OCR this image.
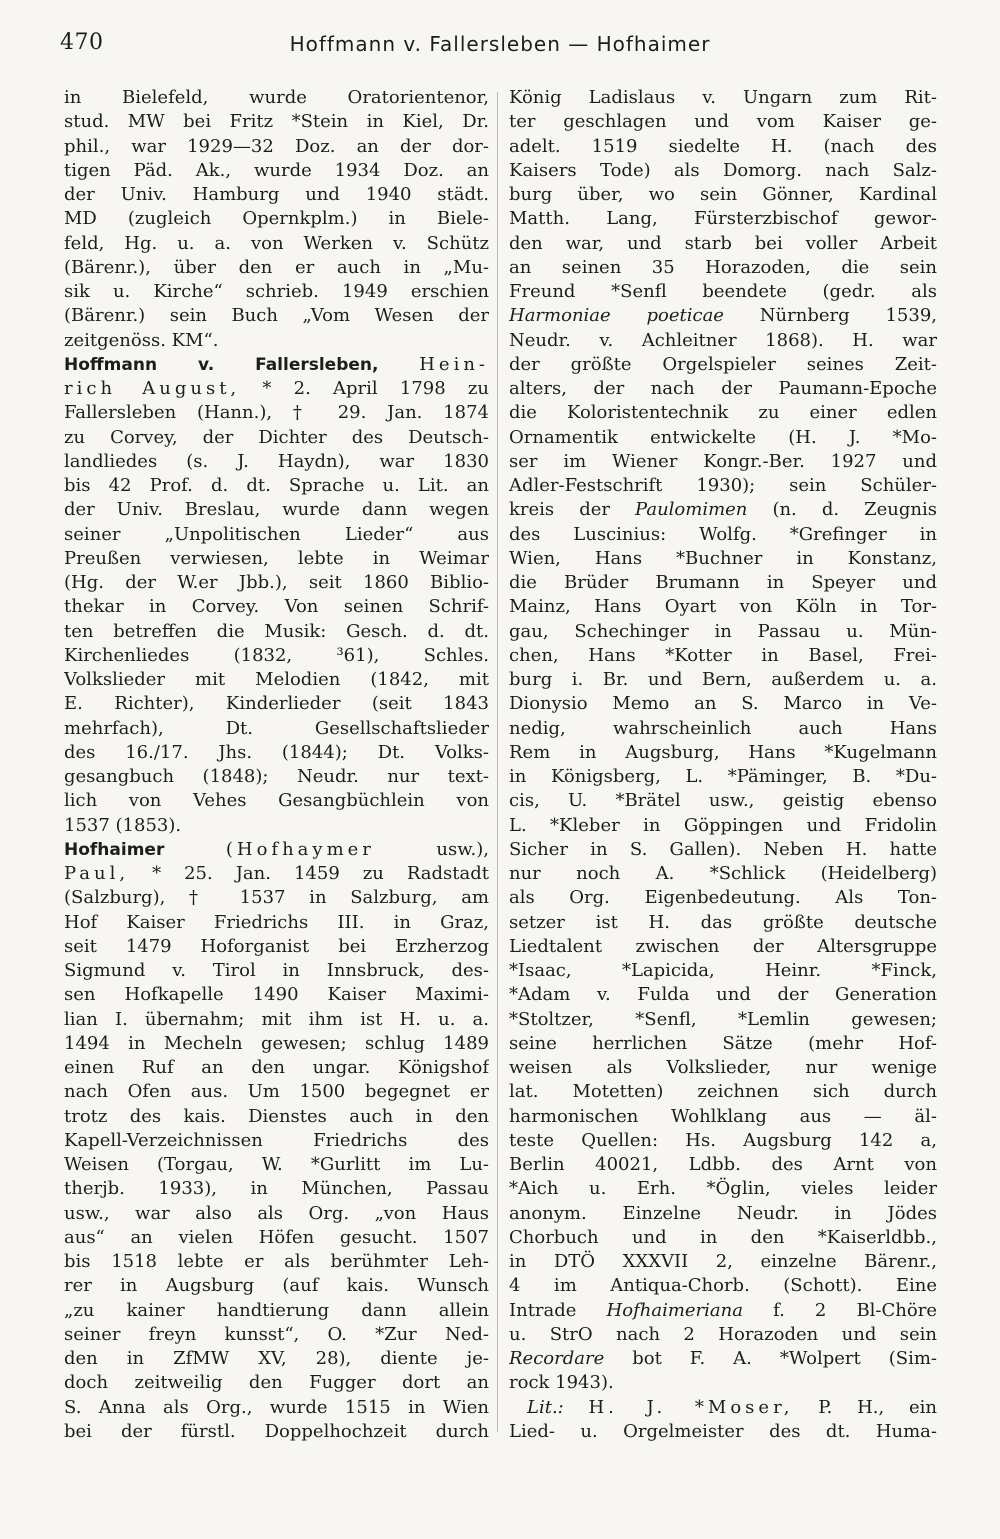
470	Hoffmann v. Fallersleben — Hofhaimer
in Bielefeld, wurde Oratorientenor,
stud. MW bei Fritz *Stein in Kiel, Dr.
phil., war 1929—32 Doz. an der dor-
tigen Päd. Ak., wurde 1934 Doz. an
der Univ. Hamburg und 1940 städt.
MD (zugleich Opernkplm.) in Biele-
feld, Hg. u. a. von Werken v. Schütz
(Bärenr.), über den er auch in „Mu-
sik u. Kirche“ schrieb. 1949 erschien
(Bärenr.) sein Buch „Vom Wesen der
zeitgenöss. KM“.
Hoffmann v. Fallersleben, Hein-
rich August, * 2. April 1798 zu
Fallersleben (Hann.), † 29. Jan. 1874
zu Corvey, der Dichter des Deutsch-
landliedes (s. J. Haydn), war 1830
bis 42 Prof. d. dt. Sprache u. Lit. an
der Univ. Breslau, wurde dann wegen
seiner „Unpolitischen Lieder“ aus
Preußen verwiesen, lebte in Weimar
(Hg. der W.er Jbb.), seit 1860 Biblio-
thekar in Corvey. Von seinen Schrif-
ten betreffen die Musik: Gesch. d. dt.
Kirchenliedes (1832, ³61), Schles.
Volkslieder mit Melodien (1842, mit
E. Richter), Kinderlieder (seit 1843
mehrfach), Dt. Gesellschaftslieder
des 16./17. Jhs. (1844); Dt. Volks-
gesangbuch (1848); Neudr. nur text-
lich von Vehes Gesangbüchlein von
1537 (1853).
Hofhaimer	(Hofhaymer	usw.),
Paul, * 25. Jan. 1459 zu Radstadt
(Salzburg), † 1537 in Salzburg, am
Hof Kaiser Friedrichs III. in Graz,
seit 1479 Hoforganist bei Erzherzog
Sigmund v. Tirol in Innsbruck, des-
sen Hofkapelle 1490 Kaiser Maximi-
lian I. übernahm; mit ihm ist H. u. a.
1494 in Mecheln gewesen; schlug 1489
einen Ruf an den ungar. Königshof
nach Ofen aus. Um 1500 begegnet er
trotz des kais. Dienstes auch in den
Kapell-Verzeichnissen Friedrichs des
Weisen (Torgau, W. *Gurlitt im Lu-
therjb. 1933), in München, Passau
usw., war also als Org. „von Haus
aus“ an vielen Höfen gesucht. 1507
bis 1518 lebte er als berühmter Leh-
rer in Augsburg (auf kais. Wunsch
„zu kainer handtierung dann allein
seiner freyn kunsst“, O. *Zur Ned-
den in ZfMW XV, 28), diente je-
doch zeitweilig den Fugger dort an
S. Anna als Org., wurde 1515 in Wien
bei der fürstl. Doppelhochzeit durch
König Ladislaus v. Ungarn zum Rit-
ter geschlagen und vom Kaiser ge-
adelt. 1519 siedelte H. (nach des
Kaisers Tode) als Domorg. nach Salz-
burg über, wo sein Gönner, Kardinal
Matth. Lang, Fürsterzbischof gewor-
den war, und starb bei voller Arbeit
an seinen 35 Horazoden, die sein
Freund *Senfl beendete (gedr. als
Harmoniae poeticae Nürnberg 1539,
Neudr. v. Achleitner 1868). H. war
der größte Orgelspieler seines Zeit-
alters, der nach der Paumann-Epoche
die Koloristentechnik zu einer edlen
Ornamentik entwickelte (H. J. *Mo-
ser im Wiener Kongr.-Ber. 1927 und
Adler-Festschrift 1930); sein Schüler-
kreis der Paulomimen (n. d. Zeugnis
des Luscinius: Wolfg. *Grefinger in
Wien, Hans *Buchner in Konstanz,
die Brüder Brumann in Speyer und
Mainz, Hans Oyart von Köln in Tor-
gau, Schechinger in Passau u. Mün-
chen, Hans *Kotter in Basel, Frei-
burg i. Br. und Bern, außerdem u. a.
Dionysio Memo an S. Marco in Ve-
nedig, wahrscheinlich auch Hans
Rem in Augsburg, Hans *Kugelmann
in Königsberg, L. *Päminger, B. *Du-
cis, U. *Brätel usw., geistig ebenso
L. *Kleber in Göppingen und Fridolin
Sicher in S. Gallen). Neben H. hatte
nur noch A. *Schlick (Heidelberg)
als Org. Eigenbedeutung. Als Ton-
setzer ist H. das größte deutsche
Liedtalent zwischen der Altersgruppe
*Isaac, *Lapicida, Heinr. *Finck,
*Adam v. Fulda und der Generation
*Stoltzer, *Senfl, *Lemlin gewesen;
seine herrlichen Sätze (mehr Hof-
weisen als Volkslieder, nur wenige
lat. Motetten) zeichnen sich durch
harmonischen Wohlklang aus — äl-
teste Quellen: Hs. Augsburg 142 a,
Berlin 40021, Ldbb. des Arnt von
*Aich u. Erh. *Öglin, vieles leider
anonym. Einzelne Neudr. in Jödes
Chorbuch und in den *Kaiserldbb.,
in DTÖ XXXVII 2, einzelne Bärenr.,
4 im Antiqua-Chorb. (Schott). Eine
Intrade Hofhaimeriana f. 2 Bl-Chöre
u. StrO nach 2 Horazoden und sein
Recordare bot F. A. *Wolpert (Sim-
rock 1943).
Lit.: H. J. *Moser, P. H., ein
Lied- u. Orgelmeister des dt. Huma-
